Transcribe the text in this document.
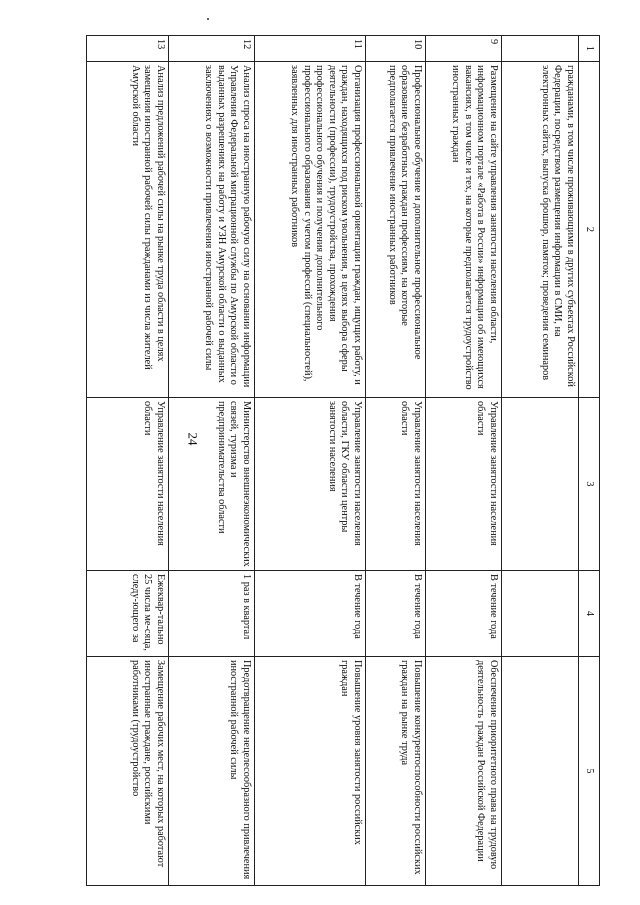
24
1	2	3	4	5
	гражданами, в том числе проживающими в других субъектах Российской Федерации, посредством размещения информации в СМИ, на электронных сайтах, выпуска брошюр, памяток; проведения семинаров			
9	Размещение на сайте управления занятости населения области, информационном портале «Работа в России» информации об имеющихся вакансиях, в том числе и тех, на которые предполагается трудоустройство иностранных граждан	Управление занятости населения области	В течение года	Обеспечение приоритетного права на трудовую деятельность граждан Российской Федерации
10	Профессиональное обучение и дополнительное профессиональное образование безработных граждан профессиям, на которые предполагается привлечение иностранных работников	Управление занятости населения области	В течение года	Повышение конкурентоспособности российских граждан на рынке труда
11	Организация профессиональной ориентации граждан, ищущих работу, и граждан, находящихся под риском увольнения, в целях выбора сферы деятельности (профессии), трудоустройства, прохождения профессионального обучения и получения дополнительного профессионального образования с учетом профессий (специальностей), заявленных для иностранных работников	Управление занятости населения области, ГКУ области центры занятости населения	В течение года	Повышение уровня занятости российских граждан
12	Анализ спроса на иностранную рабочую силу на основании информации Управления Федеральной миграционной службы по Амурской области о выданных разрешениях на работу и УЗН Амурской области о выданных заключениях о возможности привлечения иностранной рабочей силы	Министерство внешнеэкономических связей, туризма и предпринимательства области	1 раз в квартал	Предотвращение нецелесообразного привлечения иностранной рабочей силы
13	Анализ предложений рабочей силы на рынке труда области в целях замещения иностранной рабочей силы гражданами из числа жителей Амурской области	Управление занятости населения области	Ежеквар-тально 25 числа ме-сяца, следу-ющего за	Замещение рабочих мест, на которых работают иностранные граждане, российскими работниками (трудоустройство
